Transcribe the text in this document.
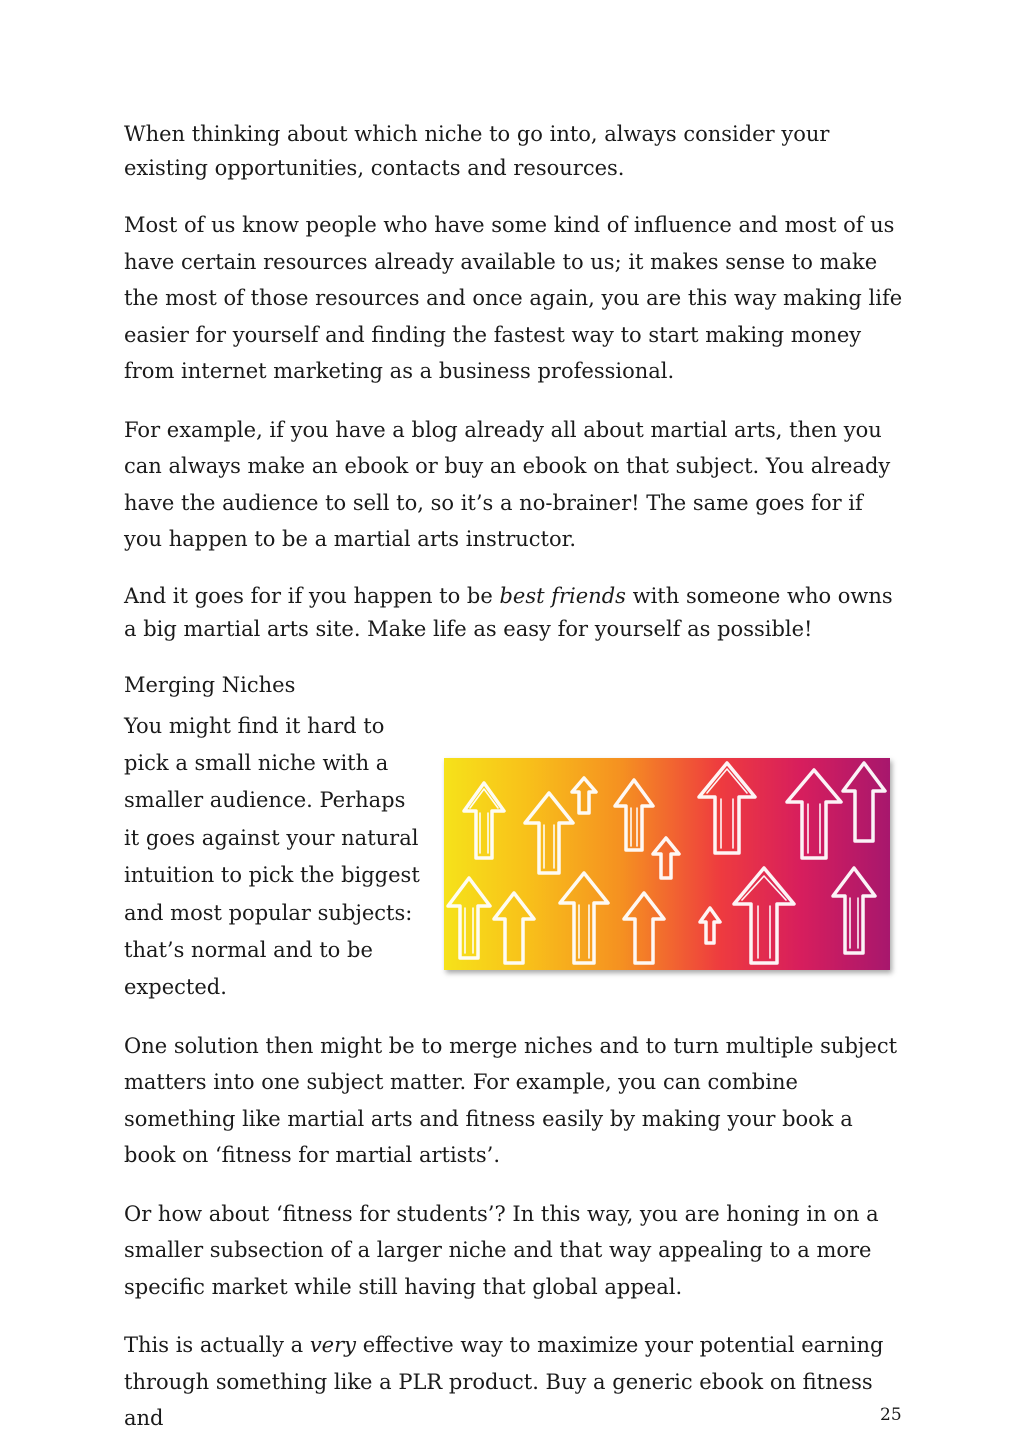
When thinking about which niche to go into, always consider your existing opportunities, contacts and resources.

Most of us know people who have some kind of influence and most of us have certain resources already available to us; it makes sense to make the most of those resources and once again, you are this way making life easier for yourself and finding the fastest way to start making money from internet marketing as a business professional.

For example, if you have a blog already all about martial arts, then you can always make an ebook or buy an ebook on that subject. You already have the audience to sell to, so it’s a no-brainer! The same goes for if you happen to be a martial arts instructor.

And it goes for if you happen to be best friends with someone who owns a big martial arts site. Make life as easy for yourself as possible!

Merging Niches

You might find it hard to pick a small niche with a smaller audience. Perhaps it goes against your natural intuition to pick the biggest and most popular subjects: that’s normal and to be expected.

One solution then might be to merge niches and to turn multiple subject matters into one subject matter. For example, you can combine something like martial arts and fitness easily by making your book a book on ‘fitness for martial artists’.

Or how about ‘fitness for students’? In this way, you are honing in on a smaller subsection of a larger niche and that way appealing to a more specific market while still having that global appeal.

This is actually a very effective way to maximize your potential earning through something like a PLR product. Buy a generic ebook on fitness and	25
